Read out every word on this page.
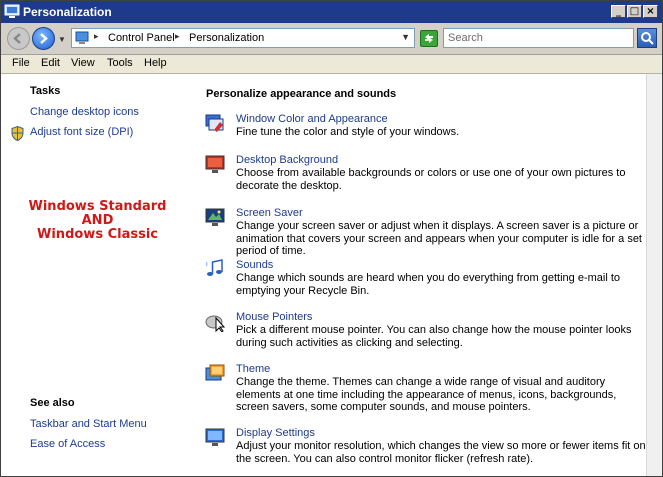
Personalization	_ □ ×
▼	▸ Control Panel ▸ Personalization	▼
Search
File Edit View Tools Help
Tasks
Change desktop icons
Adjust font size (DPI)
Windows Standard
AND
Windows Classic
See also
Taskbar and Start Menu
Ease of Access
Personalize appearance and sounds
Window Color and Appearance
Fine tune the color and style of your windows.
Desktop Background
Choose from available backgrounds or colors or use one of your own pictures to decorate the desktop.
Screen Saver
Change your screen saver or adjust when it displays. A screen saver is a picture or animation that covers your screen and appears when your computer is idle for a set period of time.
Sounds
Change which sounds are heard when you do everything from getting e-mail to emptying your Recycle Bin.
Mouse Pointers
Pick a different mouse pointer. You can also change how the mouse pointer looks during such activities as clicking and selecting.
Theme
Change the theme. Themes can change a wide range of visual and auditory elements at one time including the appearance of menus, icons, backgrounds, screen savers, some computer sounds, and mouse pointers.
Display Settings
Adjust your monitor resolution, which changes the view so more or fewer items fit on the screen. You can also control monitor flicker (refresh rate).
